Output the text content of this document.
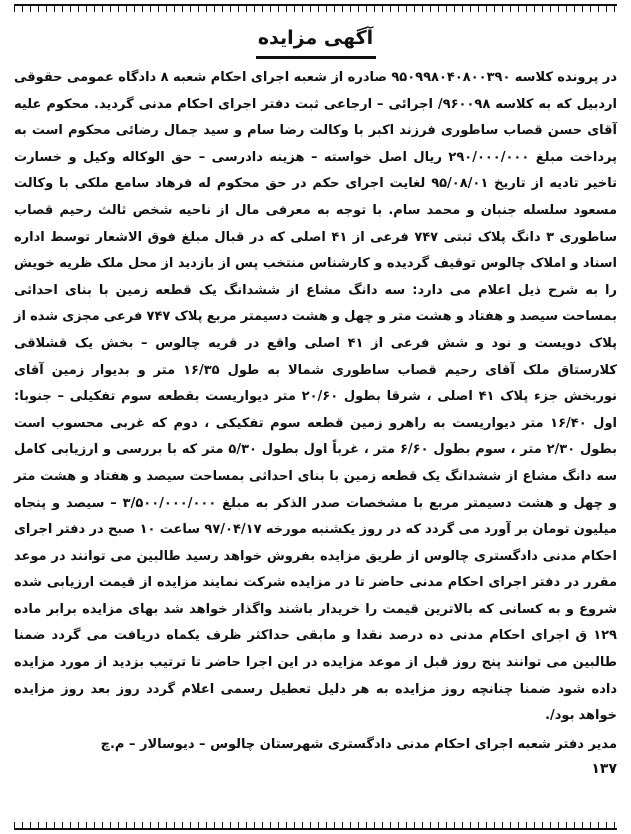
آگهی مزایده

در پرونده کلاسه ۹۵۰۹۹۸۰۴۰۸۰۰۳۹۰ صادره از شعبه اجرای احکام شعبه ۸ دادگاه عمومی حقوقی اردبیل که به کلاسه ۹۶۰۰۹۸/ اجرائی – ارجاعی ثبت دفتر اجرای احکام مدنی گردید. محکوم علیه آقای حسن قصاب ساطوری فرزند اکبر با وکالت رضا سام و سید جمال رضائی محکوم است به پرداخت مبلغ ۲۹۰/۰۰۰/۰۰۰ ریال اصل خواسته – هزینه دادرسی – حق الوکاله وکیل و خسارت تاخیر تادیه از تاریخ ۹۵/۰۸/۰۱ لغایت اجرای حکم در حق محکوم له فرهاد سامع ملکی با وکالت مسعود سلسله جنبان و محمد سام. با توجه به معرفی مال از ناحیه شخص ثالث رحیم قصاب ساطوری ۳ دانگ پلاک ثبتی ۷۴۷ فرعی از ۴۱ اصلی که در قبال مبلغ فوق الاشعار توسط اداره اسناد و املاک چالوس توقیف گردیده و کارشناس منتخب پس از بازدید از محل ملک ظریه خویش را به شرح ذیل اعلام می دارد: سه دانگ مشاع از ششدانگ یک قطعه زمین با بنای احداثی بمساحت سیصد و هفتاد و هشت متر و چهل و هشت دسیمتر مربع پلاک ۷۴۷ فرعی مجزی شده از پلاک دویست و نود و شش فرعی از ۴۱ اصلی واقع در قریه چالوس – بخش یک قشلاقی کلارستاق ملک آقای رحیم قصاب ساطوری شمالا به طول ۱۶/۳۵ متر و بدیوار زمین آقای نوربخش جزء پلاک ۴۱ اصلی ، شرقا بطول ۲۰/۶۰ متر دیواریست بقطعه سوم تفکیلی – جنوبا: اول ۱۶/۴۰ متر دیواریست به راهرو زمین قطعه سوم تفکیکی ، دوم که غربی محسوب است بطول ۲/۳۰ متر ، سوم بطول ۶/۶۰ متر ، غرباً اول بطول ۵/۳۰ متر که با بررسی و ارزیابی کامل سه دانگ مشاع از ششدانگ یک قطعه زمین با بنای احداثی بمساحت سیصد و هفتاد و هشت متر و چهل و هشت دسیمتر مربع با مشخصات صدر الذکر به مبلغ ۳/۵۰۰/۰۰۰/۰۰۰ – سیصد و پنجاه میلیون تومان بر آورد می گردد که در روز یکشنبه مورخه ۹۷/۰۴/۱۷ ساعت ۱۰ صبح در دفتر اجرای احکام مدنی دادگستری چالوس از طریق مزایده بفروش خواهد رسید طالبین می توانند در موعد مقرر در دفتر اجرای احکام مدنی حاضر تا در مزایده شرکت نمایند مزایده از قیمت ارزیابی شده شروع و به کسانی که بالاترین قیمت را خریدار باشند واگذار خواهد شد بهای مزایده برابر ماده ۱۲۹ ق اجرای احکام مدنی ده درصد نقدا و مابقی حداکثر ظرف یکماه دریافت می گردد ضمنا طالبین می توانند پنج روز قبل از موعد مزایده در این اجرا حاضر تا ترتیب بزدید از مورد مزایده داده شود ضمنا چنانچه روز مزایده به هر دلیل تعطیل رسمی اعلام گردد روز بعد روز مزایده خواهد بود/.

مدیر دفتر شعبه اجرای احکام مدنی دادگستری شهرستان چالوس – دیوسالار – م.چ
۱۳۷
